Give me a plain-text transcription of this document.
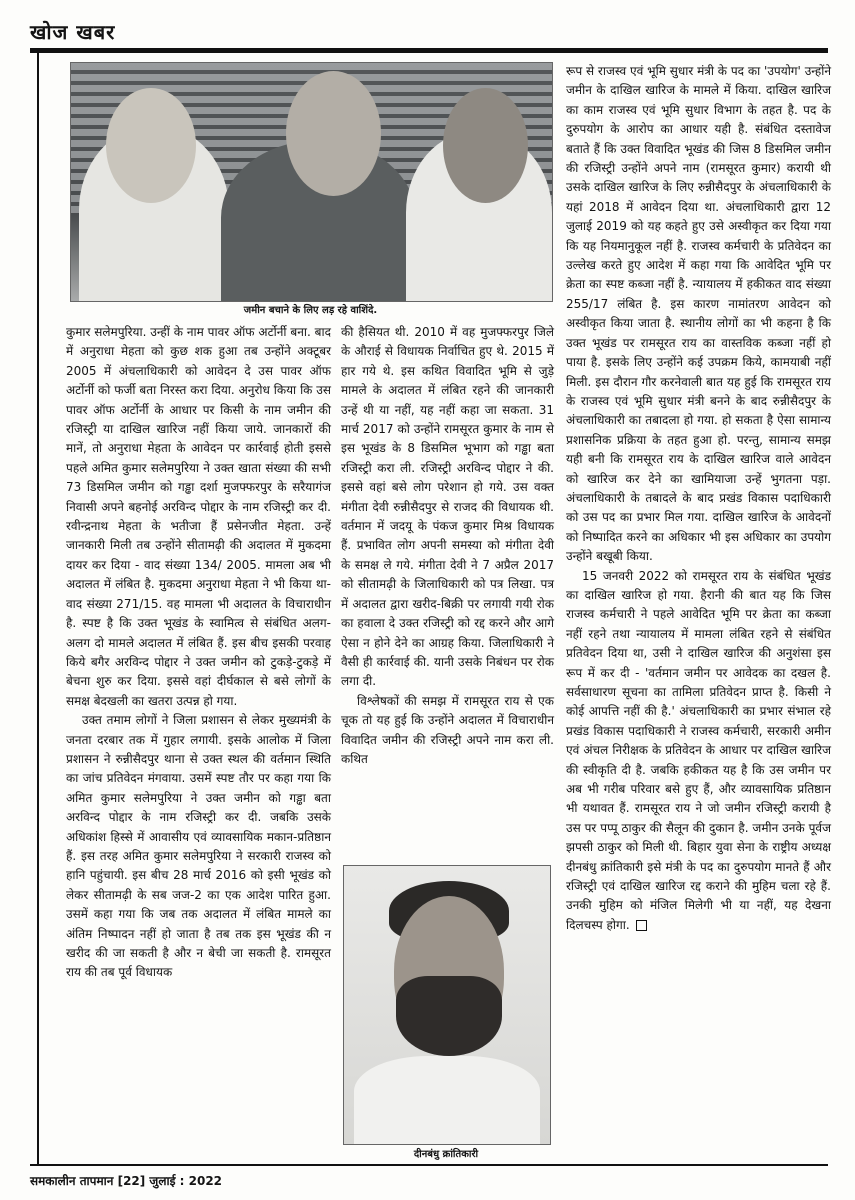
खोज खबर
जमीन बचाने के लिए लड़ रहे वाशिंदे.

कुमार सलेमपुरिया. उन्हीं के नाम पावर ऑफ अर्टोर्नी बना. बाद में अनुराधा मेहता को कुछ शक हुआ तब उन्होंने अक्टूबर 2005 में अंचलाधिकारी को आवेदन दे उस पावर ऑफ अर्टोर्नी को फर्जी बता निरस्त करा दिया. अनुरोध किया कि उस पावर ऑफ अर्टोर्नी के आधार पर किसी के नाम जमीन की रजिस्ट्री या दाखिल खारिज नहीं किया जाये. जानकारों की मानें, तो अनुराधा मेहता के आवेदन पर कार्रवाई होती इससे पहले अमित कुमार सलेमपुरिया ने उक्त खाता संख्या की सभी 73 डिसमिल जमीन को गड्ढा दर्शा मुजफ्फरपुर के सरैयागंज निवासी अपने बहनोई अरविन्द पोद्दार के नाम रजिस्ट्री कर दी. रवीन्द्रनाथ मेहता के भतीजा हैं प्रसेनजीत मेहता. उन्हें जानकारी मिली तब उन्होंने सीतामढ़ी की अदालत में मुकदमा दायर कर दिया - वाद संख्या 134/ 2005. मामला अब भी अदालत में लंबित है. मुकदमा अनुराधा मेहता ने भी किया था- वाद संख्या 271/15. वह मामला भी अदालत के विचाराधीन है. स्पष्ट है कि उक्त भूखंड के स्वामित्व से संबंधित अलग-अलग दो मामले अदालत में लंबित हैं. इस बीच इसकी परवाह किये बगैर अरविन्द पोद्दार ने उक्त जमीन को टुकड़े-टुकड़े में बेचना शुरु कर दिया. इससे वहां दीर्घकाल से बसे लोगों के समक्ष बेदखली का खतरा उत्पन्न हो गया.

उक्त तमाम लोगों ने जिला प्रशासन से लेकर मुख्यमंत्री के जनता दरबार तक में गुहार लगायी. इसके आलोक में जिला प्रशासन ने रुन्नीसैदपुर थाना से उक्त स्थल की वर्तमान स्थिति का जांच प्रतिवेदन मंगवाया. उसमें स्पष्ट तौर पर कहा गया कि अमित कुमार सलेमपुरिया ने उक्त जमीन को गड्ढा बता अरविन्द पोद्दार के नाम रजिस्ट्री कर दी. जबकि उसके अधिकांश हिस्से में आवासीय एवं व्यावसायिक मकान-प्रतिष्ठान हैं. इस तरह अमित कुमार सलेमपुरिया ने सरकारी राजस्व को हानि पहुंचायी. इस बीच 28 मार्च 2016 को इसी भूखंड को लेकर सीतामढ़ी के सब जज-2 का एक आदेश पारित हुआ. उसमें कहा गया कि जब तक अदालत में लंबित मामले का अंतिम निष्पादन नहीं हो जाता है तब तक इस भूखंड की न खरीद की जा सकती है और न बेची जा सकती है. रामसूरत राय की तब पूर्व विधायक

की हैसियत थी. 2010 में वह मुजफ्फरपुर जिले के औराई से विधायक निर्वाचित हुए थे. 2015 में हार गये थे. इस कथित विवादित भूमि से जुड़े मामले के अदालत में लंबित रहने की जानकारी उन्हें थी या नहीं, यह नहीं कहा जा सकता. 31 मार्च 2017 को उन्होंने रामसूरत कुमार के नाम से इस भूखंड के 8 डिसमिल भूभाग को गड्ढा बता रजिस्ट्री करा ली. रजिस्ट्री अरविन्द पोद्दार ने की. इससे वहां बसे लोग परेशान हो गये. उस वक्त मंगीता देवी रुन्नीसैदपुर से राजद की विधायक थी. वर्तमान में जदयू के पंकज कुमार मिश्र विधायक हैं. प्रभावित लोग अपनी समस्या को मंगीता देवी के समक्ष ले गये. मंगीता देवी ने 7 अप्रैल 2017 को सीतामढ़ी के जिलाधिकारी को पत्र लिखा. पत्र में अदालत द्वारा खरीद-बिक्री पर लगायी गयी रोक का हवाला दे उक्त रजिस्ट्री को रद्द करने और आगे ऐसा न होने देने का आग्रह किया. जिलाधिकारी ने वैसी ही कार्रवाई की. यानी उसके निबंधन पर रोक लगा दी.

विश्लेषकों की समझ में रामसूरत राय से एक चूक तो यह हुई कि उन्होंने अदालत में विचाराधीन विवादित जमीन की रजिस्ट्री अपने नाम करा ली. कथित

दीनबंधु क्रांतिकारी

रूप से राजस्व एवं भूमि सुधार मंत्री के पद का 'उपयोग' उन्होंने जमीन के दाखिल खारिज के मामले में किया. दाखिल खारिज का काम राजस्व एवं भूमि सुधार विभाग के तहत है. पद के दुरुपयोग के आरोप का आधार यही है. संबंधित दस्तावेज बताते हैं कि उक्त विवादित भूखंड की जिस 8 डिसमिल जमीन की रजिस्ट्री उन्होंने अपने नाम (रामसूरत कुमार) करायी थी उसके दाखिल खारिज के लिए रुन्नीसैदपुर के अंचलाधिकारी के यहां 2018 में आवेदन दिया था. अंचलाधिकारी द्वारा 12 जुलाई 2019 को यह कहते हुए उसे अस्वीकृत कर दिया गया कि यह नियमानुकूल नहीं है. राजस्व कर्मचारी के प्रतिवेदन का उल्लेख करते हुए आदेश में कहा गया कि आवेदित भूमि पर क्रेता का स्पष्ट कब्जा नहीं है. न्यायालय में हकीकत वाद संख्या 255/17 लंबित है. इस कारण नामांतरण आवेदन को अस्वीकृत किया जाता है. स्थानीय लोगों का भी कहना है कि उक्त भूखंड पर रामसूरत राय का वास्तविक कब्जा नहीं हो पाया है. इसके लिए उन्होंने कई उपक्रम किये, कामयाबी नहीं मिली. इस दौरान गौर करनेवाली बात यह हुई कि रामसूरत राय के राजस्व एवं भूमि सुधार मंत्री बनने के बाद रुन्नीसैदपुर के अंचलाधिकारी का तबादला हो गया. हो सकता है ऐसा सामान्य प्रशासनिक प्रक्रिया के तहत हुआ हो. परन्तु, सामान्य समझ यही बनी कि रामसूरत राय के दाखिल खारिज वाले आवेदन को खारिज कर देने का खामियाजा उन्हें भुगतना पड़ा. अंचलाधिकारी के तबादले के बाद प्रखंड विकास पदाधिकारी को उस पद का प्रभार मिल गया. दाखिल खारिज के आवेदनों को निष्पादित करने का अधिकार भी इस अधिकार का उपयोग उन्होंने बखूबी किया.

15 जनवरी 2022 को रामसूरत राय के संबंधित भूखंड का दाखिल खारिज हो गया. हैरानी की बात यह कि जिस राजस्व कर्मचारी ने पहले आवेदित भूमि पर क्रेता का कब्जा नहीं रहने तथा न्यायालय में मामला लंबित रहने से संबंधित प्रतिवेदन दिया था, उसी ने दाखिल खारिज की अनुशंसा इस रूप में कर दी - 'वर्तमान जमीन पर आवेदक का दखल है. सर्वसाधारण सूचना का तामिला प्रतिवेदन प्राप्त है. किसी ने कोई आपत्ति नहीं की है.' अंचलाधिकारी का प्रभार संभाल रहे प्रखंड विकास पदाधिकारी ने राजस्व कर्मचारी, सरकारी अमीन एवं अंचल निरीक्षक के प्रतिवेदन के आधार पर दाखिल खारिज की स्वीकृति दी है. जबकि हकीकत यह है कि उस जमीन पर अब भी गरीब परिवार बसे हुए हैं, और व्यावसायिक प्रतिष्ठान भी यथावत हैं. रामसूरत राय ने जो जमीन रजिस्ट्री करायी है उस पर पप्पू ठाकुर की सैलून की दुकान है. जमीन उनके पूर्वज झपसी ठाकुर को मिली थी. बिहार युवा सेना के राष्ट्रीय अध्यक्ष दीनबंधु क्रांतिकारी इसे मंत्री के पद का दुरुपयोग मानते हैं और रजिस्ट्री एवं दाखिल खारिज रद्द कराने की मुहिम चला रहे हैं. उनकी मुहिम को मंजिल मिलेगी भी या नहीं, यह देखना दिलचस्प होगा.

समकालीन तापमान [22] जुलाई : 2022
